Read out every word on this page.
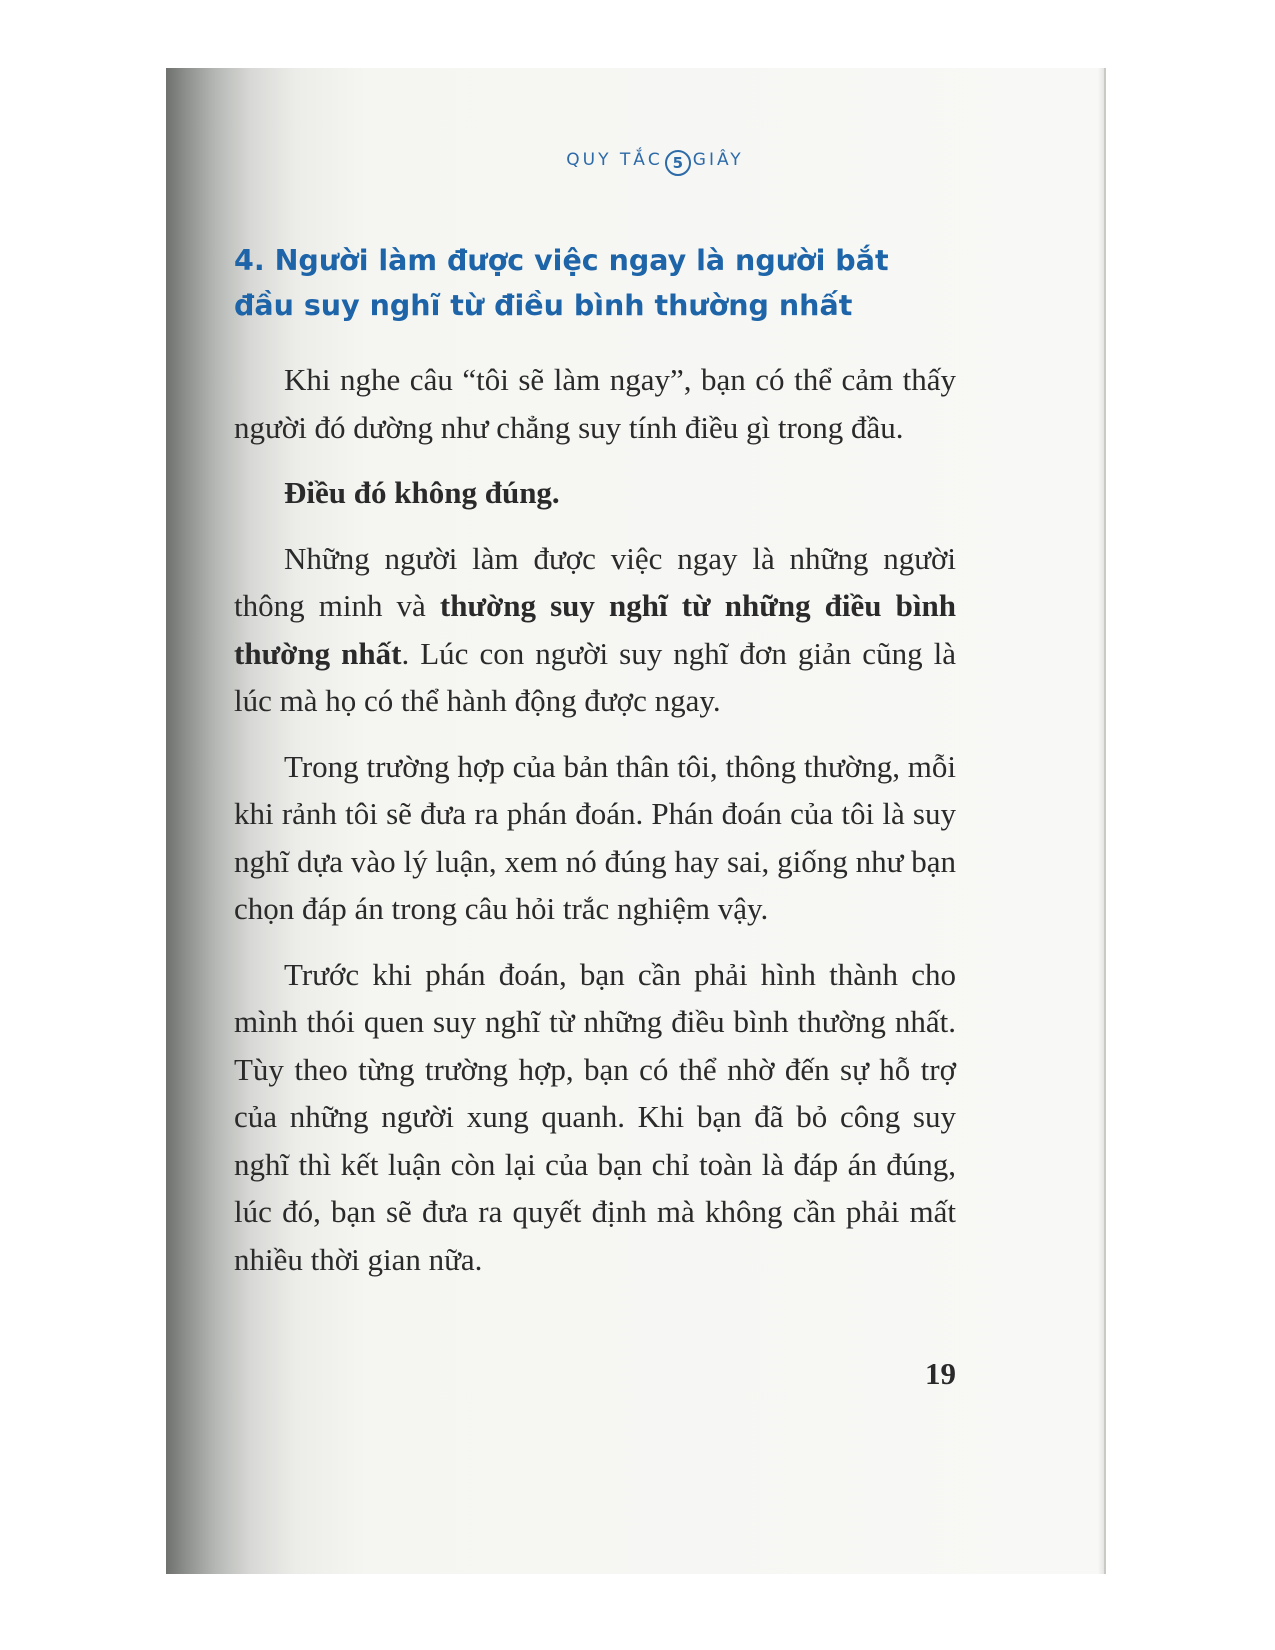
QUY TẮC 5 GIÂY
4. Người làm được việc ngay là người bắt đầu suy nghĩ từ điều bình thường nhất

Khi nghe câu “tôi sẽ làm ngay”, bạn có thể cảm thấy người đó dường như chẳng suy tính điều gì trong đầu.

Điều đó không đúng.

Những người làm được việc ngay là những người thông minh và thường suy nghĩ từ những điều bình thường nhất. Lúc con người suy nghĩ đơn giản cũng là lúc mà họ có thể hành động được ngay.

Trong trường hợp của bản thân tôi, thông thường, mỗi khi rảnh tôi sẽ đưa ra phán đoán. Phán đoán của tôi là suy nghĩ dựa vào lý luận, xem nó đúng hay sai, giống như bạn chọn đáp án trong câu hỏi trắc nghiệm vậy.

Trước khi phán đoán, bạn cần phải hình thành cho mình thói quen suy nghĩ từ những điều bình thường nhất. Tùy theo từng trường hợp, bạn có thể nhờ đến sự hỗ trợ của những người xung quanh. Khi bạn đã bỏ công suy nghĩ thì kết luận còn lại của bạn chỉ toàn là đáp án đúng, lúc đó, bạn sẽ đưa ra quyết định mà không cần phải mất nhiều thời gian nữa.

19
